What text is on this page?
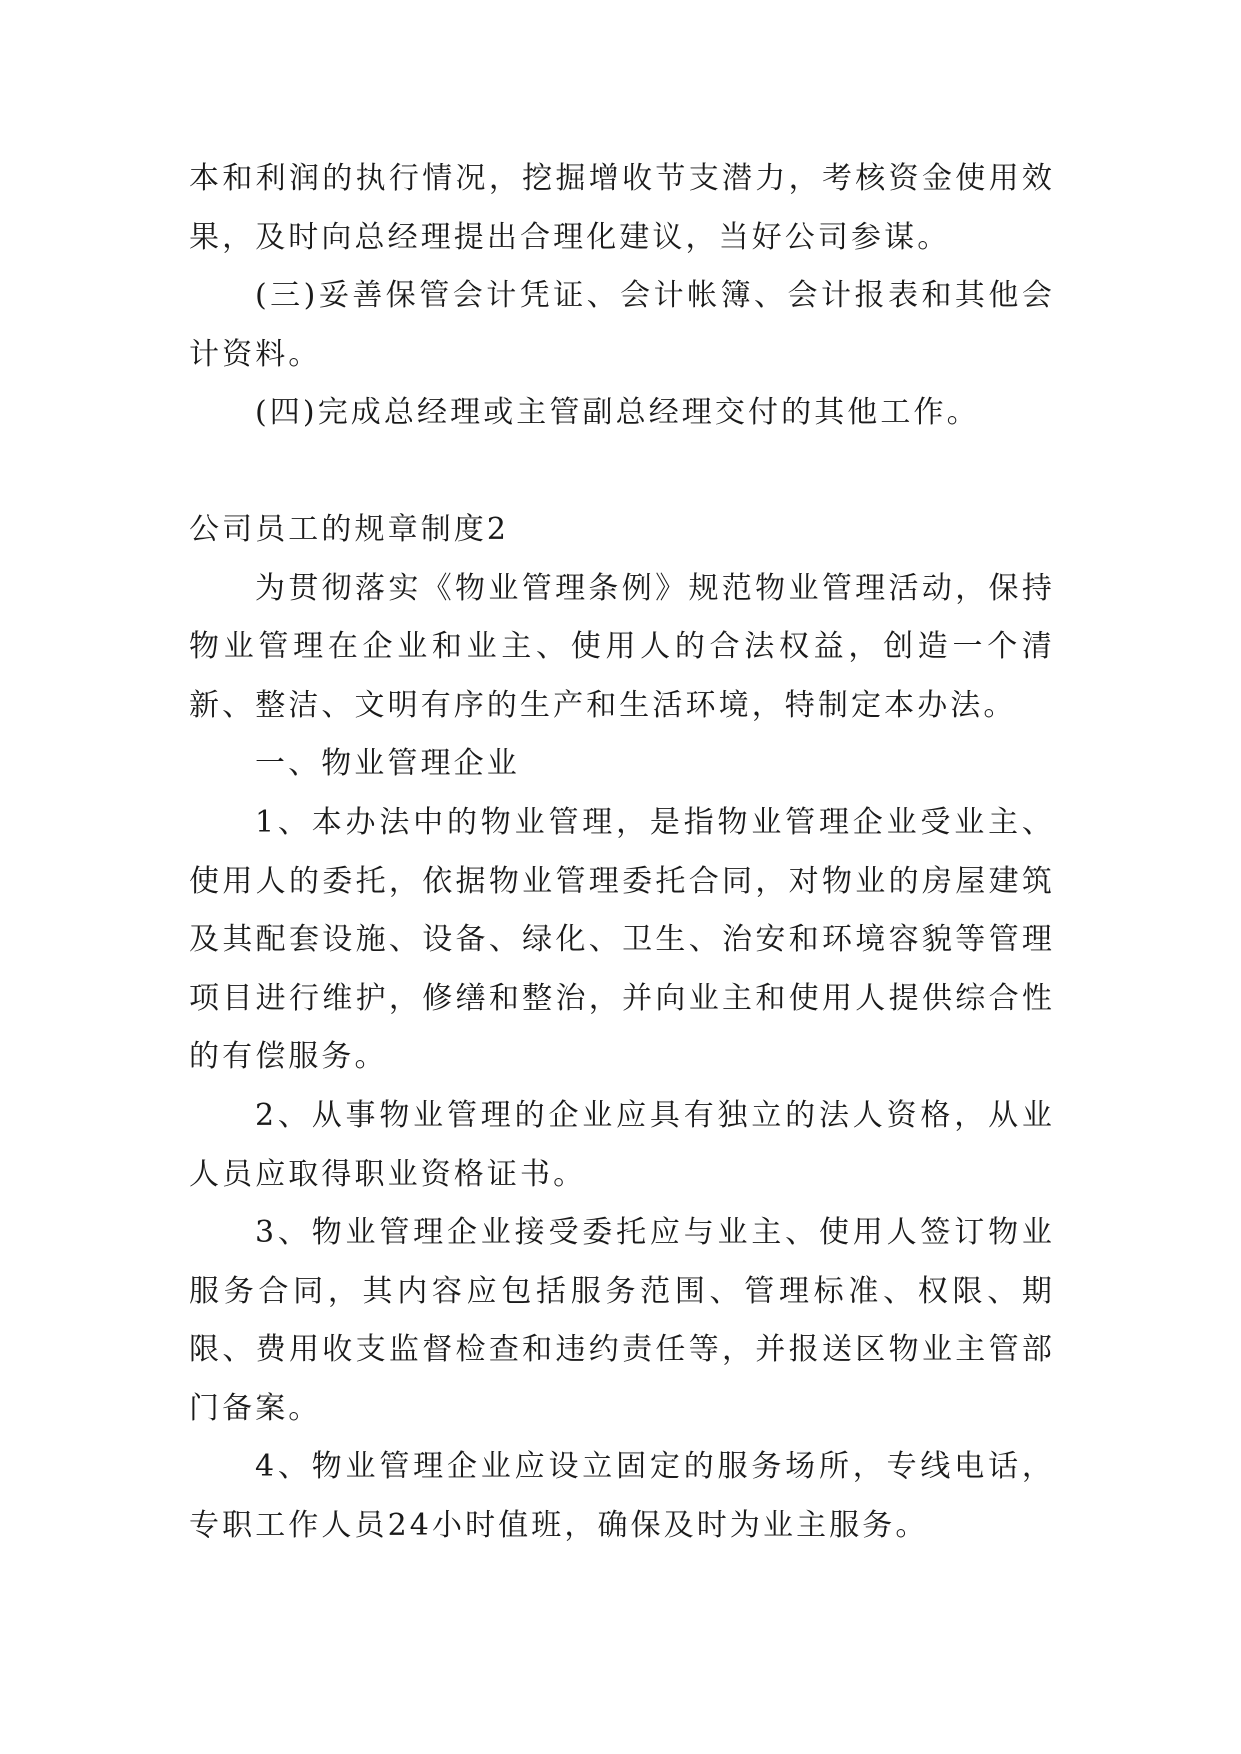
本和利润的执行情况，挖掘增收节支潜力，考核资金使用效果，及时向总经理提出合理化建议，当好公司参谋。

(三)妥善保管会计凭证、会计帐簿、会计报表和其他会计资料。

(四)完成总经理或主管副总经理交付的其他工作。

公司员工的规章制度2

为贯彻落实《物业管理条例》规范物业管理活动，保持物业管理在企业和业主、使用人的合法权益，创造一个清新、整洁、文明有序的生产和生活环境，特制定本办法。

一、物业管理企业

1、本办法中的物业管理，是指物业管理企业受业主、使用人的委托，依据物业管理委托合同，对物业的房屋建筑及其配套设施、设备、绿化、卫生、治安和环境容貌等管理项目进行维护，修缮和整治，并向业主和使用人提供综合性的有偿服务。

2、从事物业管理的企业应具有独立的法人资格，从业人员应取得职业资格证书。

3、物业管理企业接受委托应与业主、使用人签订物业服务合同，其内容应包括服务范围、管理标准、权限、期限、费用收支监督检查和违约责任等，并报送区物业主管部门备案。

4、物业管理企业应设立固定的服务场所，专线电话，专职工作人员24小时值班，确保及时为业主服务。
